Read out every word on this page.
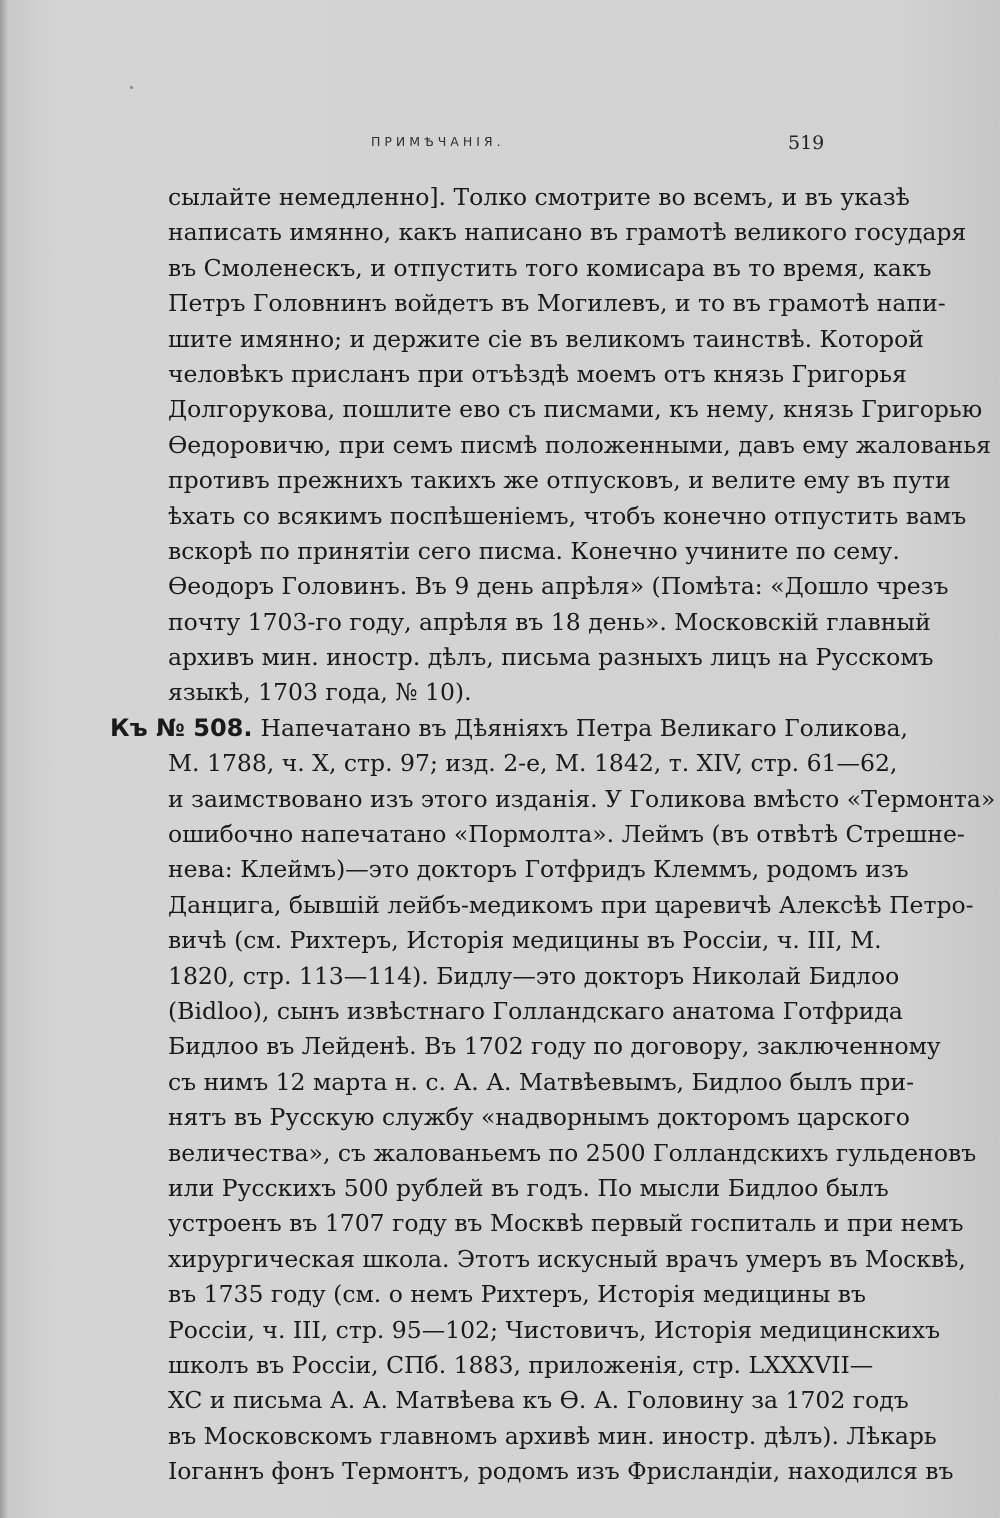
ПРИМѢЧАНІЯ.	519
сылайте немедленно]. Толко смотрите во всемъ, и въ указѣ
написать имянно, какъ написано въ грамотѣ великого государя
въ Смоленескъ, и отпустить того комисара въ то время, какъ
Петръ Головнинъ войдетъ въ Могилевъ, и то въ грамотѣ напи-
шите имянно; и держите сіе въ великомъ таинствѣ. Которой
человѣкъ присланъ при отъѣздѣ моемъ отъ князь Григорья
Долгорукова, пошлите ево съ писмами, къ нему, князь Григорью
Ѳедоровичю, при семъ писмѣ положенными, давъ ему жалованья
противъ прежнихъ такихъ же отпусковъ, и велите ему въ пути
ѣхать со всякимъ поспѣшеніемъ, чтобъ конечно отпустить вамъ
вскорѣ по принятіи сего писма. Конечно учините по сему.
Ѳеодоръ Головинъ. Въ 9 день апрѣля» (Помѣта: «Дошло чрезъ
почту 1703-го году, апрѣля въ 18 день». Московскій главный
архивъ мин. иностр. дѣлъ, письма разныхъ лицъ на Русскомъ
языкѣ, 1703 года, № 10).
Къ № 508. Напечатано въ Дѣяніяхъ Петра Великаго Голикова,
М. 1788, ч. X, стр. 97; изд. 2-е, М. 1842, т. XIV, стр. 61—62,
и заимствовано изъ этого изданія. У Голикова вмѣсто «Термонта»
ошибочно напечатано «Пормолта». Леймъ (въ отвѣтѣ Стрешне-
нева: Клеймъ)—это докторъ Готфридъ Клеммъ, родомъ изъ
Данцига, бывшій лейбъ-медикомъ при царевичѣ Алексѣѣ Петро-
вичѣ (см. Рихтеръ, Исторія медицины въ Россіи, ч. III, М.
1820, стр. 113—114). Бидлу—это докторъ Николай Бидлоо
(Bidloo), сынъ извѣстнаго Голландскаго анатома Готфрида
Бидлоо въ Лейденѣ. Въ 1702 году по договору, заключенному
съ нимъ 12 марта н. с. А. А. Матвѣевымъ, Бидлоо былъ при-
нятъ въ Русскую службу «надворнымъ докторомъ царского
величества», съ жалованьемъ по 2500 Голландскихъ гульденовъ
или Русскихъ 500 рублей въ годъ. По мысли Бидлоо былъ
устроенъ въ 1707 году въ Москвѣ первый госпиталь и при немъ
хирургическая школа. Этотъ искусный врачъ умеръ въ Москвѣ,
въ 1735 году (см. о немъ Рихтеръ, Исторія медицины въ
Россіи, ч. III, стр. 95—102; Чистовичъ, Исторія медицинскихъ
школъ въ Россіи, СПб. 1883, приложенія, стр. LXXXVII—
XC и письма А. А. Матвѣева къ Ѳ. А. Головину за 1702 годъ
въ Московскомъ главномъ архивѣ мин. иностр. дѣлъ). Лѣкарь
Іоганнъ фонъ Термонтъ, родомъ изъ Фрисландіи, находился въ
